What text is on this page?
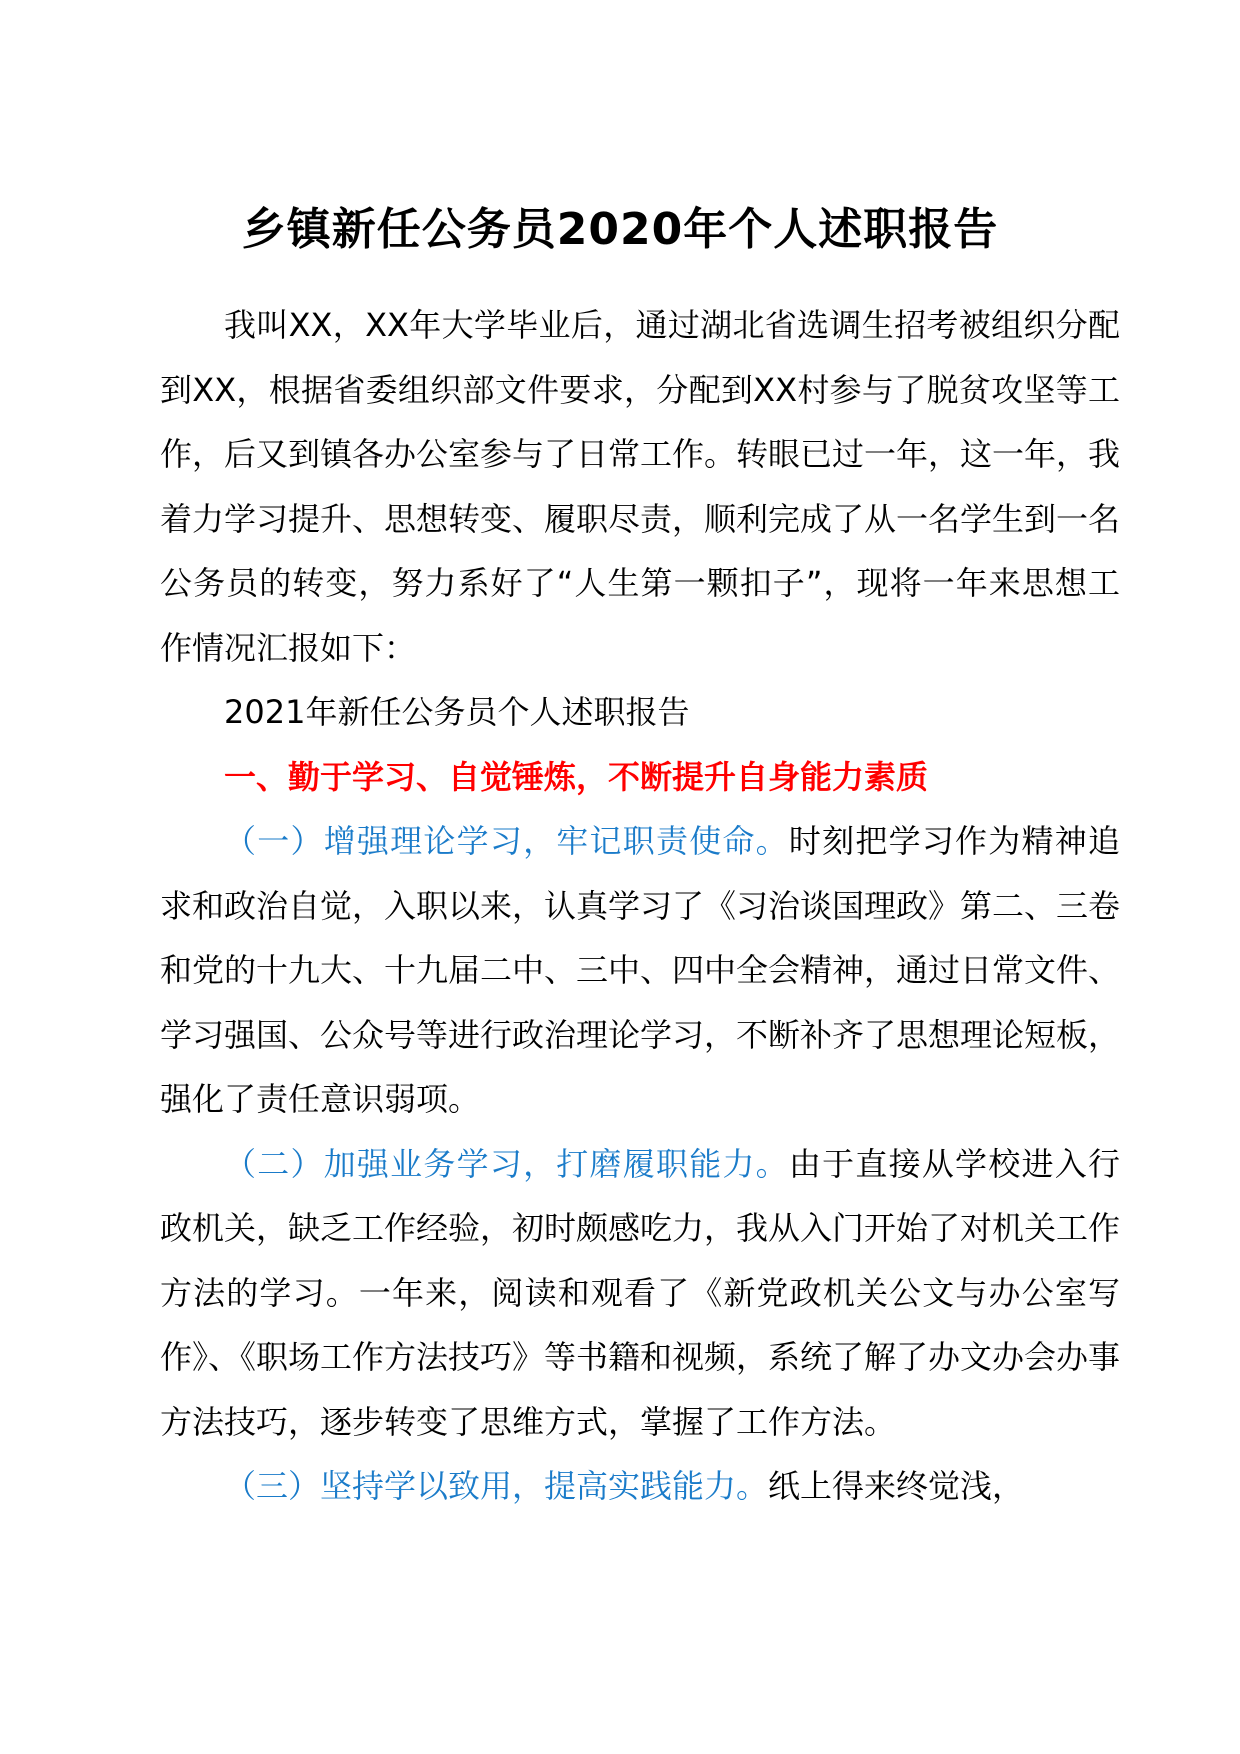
乡镇新任公务员2020年个人述职报告

我叫XX，XX年大学毕业后，通过湖北省选调生招考被组织分配到XX，根据省委组织部文件要求，分配到XX村参与了脱贫攻坚等工作，后又到镇各办公室参与了日常工作。转眼已过一年，这一年，我着力学习提升、思想转变、履职尽责，顺利完成了从一名学生到一名公务员的转变，努力系好了“人生第一颗扣子”，现将一年来思想工作情况汇报如下：

2021年新任公务员个人述职报告

一、勤于学习、自觉锤炼，不断提升自身能力素质

（一）增强理论学习，牢记职责使命。时刻把学习作为精神追求和政治自觉，入职以来，认真学习了《习治谈国理政》第二、三卷和党的十九大、十九届二中、三中、四中全会精神，通过日常文件、学习强国、公众号等进行政治理论学习，不断补齐了思想理论短板，强化了责任意识弱项。

（二）加强业务学习，打磨履职能力。由于直接从学校进入行政机关，缺乏工作经验，初时颇感吃力，我从入门开始了对机关工作方法的学习。一年来，阅读和观看了《新党政机关公文与办公室写作》、《职场工作方法技巧》等书籍和视频，系统了解了办文办会办事方法技巧，逐步转变了思维方式，掌握了工作方法。

（三）坚持学以致用，提高实践能力。纸上得来终觉浅，
